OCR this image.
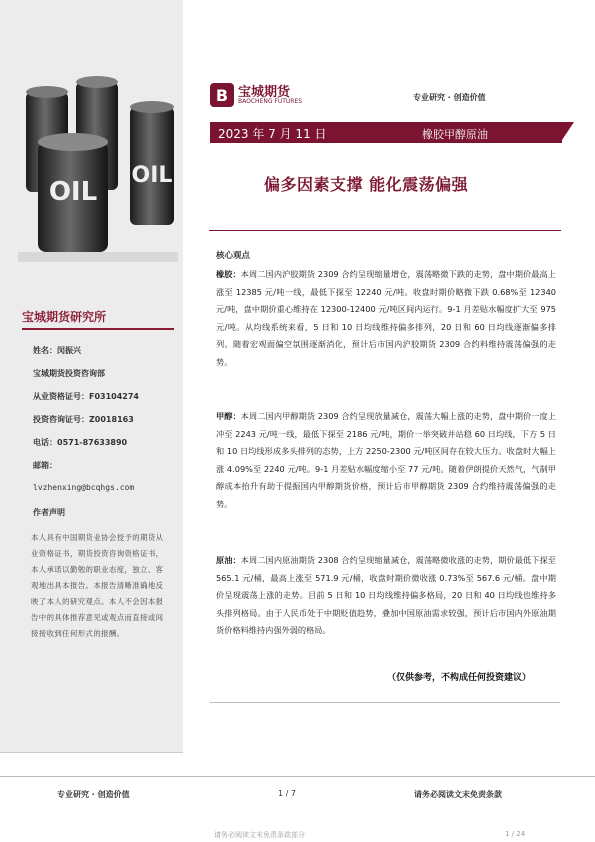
OIL
OIL
宝城期货研究所
姓名：闵振兴
宝城期货投资咨询部
从业资格证号：F03104274
投资咨询证号：Z0018163
电话：0571-87633890
邮箱：
lvzhenxing@bcqhgs.com
作者声明
本人具有中国期货业协会授予的期货从业资格证书，期货投资咨询资格证书，本人承诺以勤勉的职业态度，独立、客观地出具本报告。本报告清晰准确地反映了本人的研究观点。本人不会因本报告中的具体推荐意见或观点而直接或间接接收到任何形式的报酬。
B 宝城期货
BAOCHENG FUTURES	专业研究 · 创造价值
2023 年 7 月 11 日	橡胶甲醇原油
偏多因素支撑 能化震荡偏强
核心观点
橡胶：本周二国内沪胶期货 2309 合约呈现缩量增仓，震荡略微下跌的走势，盘中期价最高上涨至 12385 元/吨一线，最低下探至 12240 元/吨。收盘时期价略微下跌 0.68%至 12340 元/吨，盘中期价重心维持在 12300-12400 元/吨区间内运行。9-1 月差贴水幅度扩大至 975 元/吨。从均线系统来看，5 日和 10 日均线维持偏多排列，20 日和 60 日均线逐渐偏多排列。随着宏观面偏空氛围逐渐消化，预计后市国内沪胶期货 2309 合约料维持震荡偏强的走势。
甲醇：本周二国内甲醇期货 2309 合约呈现放量减仓，震荡大幅上涨的走势，盘中期价一度上冲至 2243 元/吨一线，最低下探至 2186 元/吨，期价一举突破并站稳 60 日均线，下方 5 日和 10 日均线形成多头排列的态势，上方 2250-2300 元/吨区间存在较大压力。收盘时大幅上涨 4.09%至 2240 元/吨。9-1 月差贴水幅度缩小至 77 元/吨。随着伊朗提价天然气，气制甲醇成本抬升有助于提振国内甲醇期货价格，预计后市甲醇期货 2309 合约维持震荡偏强的走势。
原油：本周二国内原油期货 2308 合约呈现缩量减仓，震荡略微收涨的走势，期价最低下探至 565.1 元/桶，最高上涨至 571.9 元/桶，收盘时期价微收涨 0.73%至 567.6 元/桶。盘中期价呈现震荡上涨的走势。目前 5 日和 10 日均线维持偏多格局，20 日和 40 日均线也维持多头排列格局。由于人民币处于中期贬值趋势，叠加中国原油需求较强，预计后市国内外原油期货价格料维持内强外弱的格局。
（仅供参考，不构成任何投资建议）
专业研究 · 创造价值	1 / 7	请务必阅读文末免责条款
请务必阅读文末免责条款部分	1 / 24
